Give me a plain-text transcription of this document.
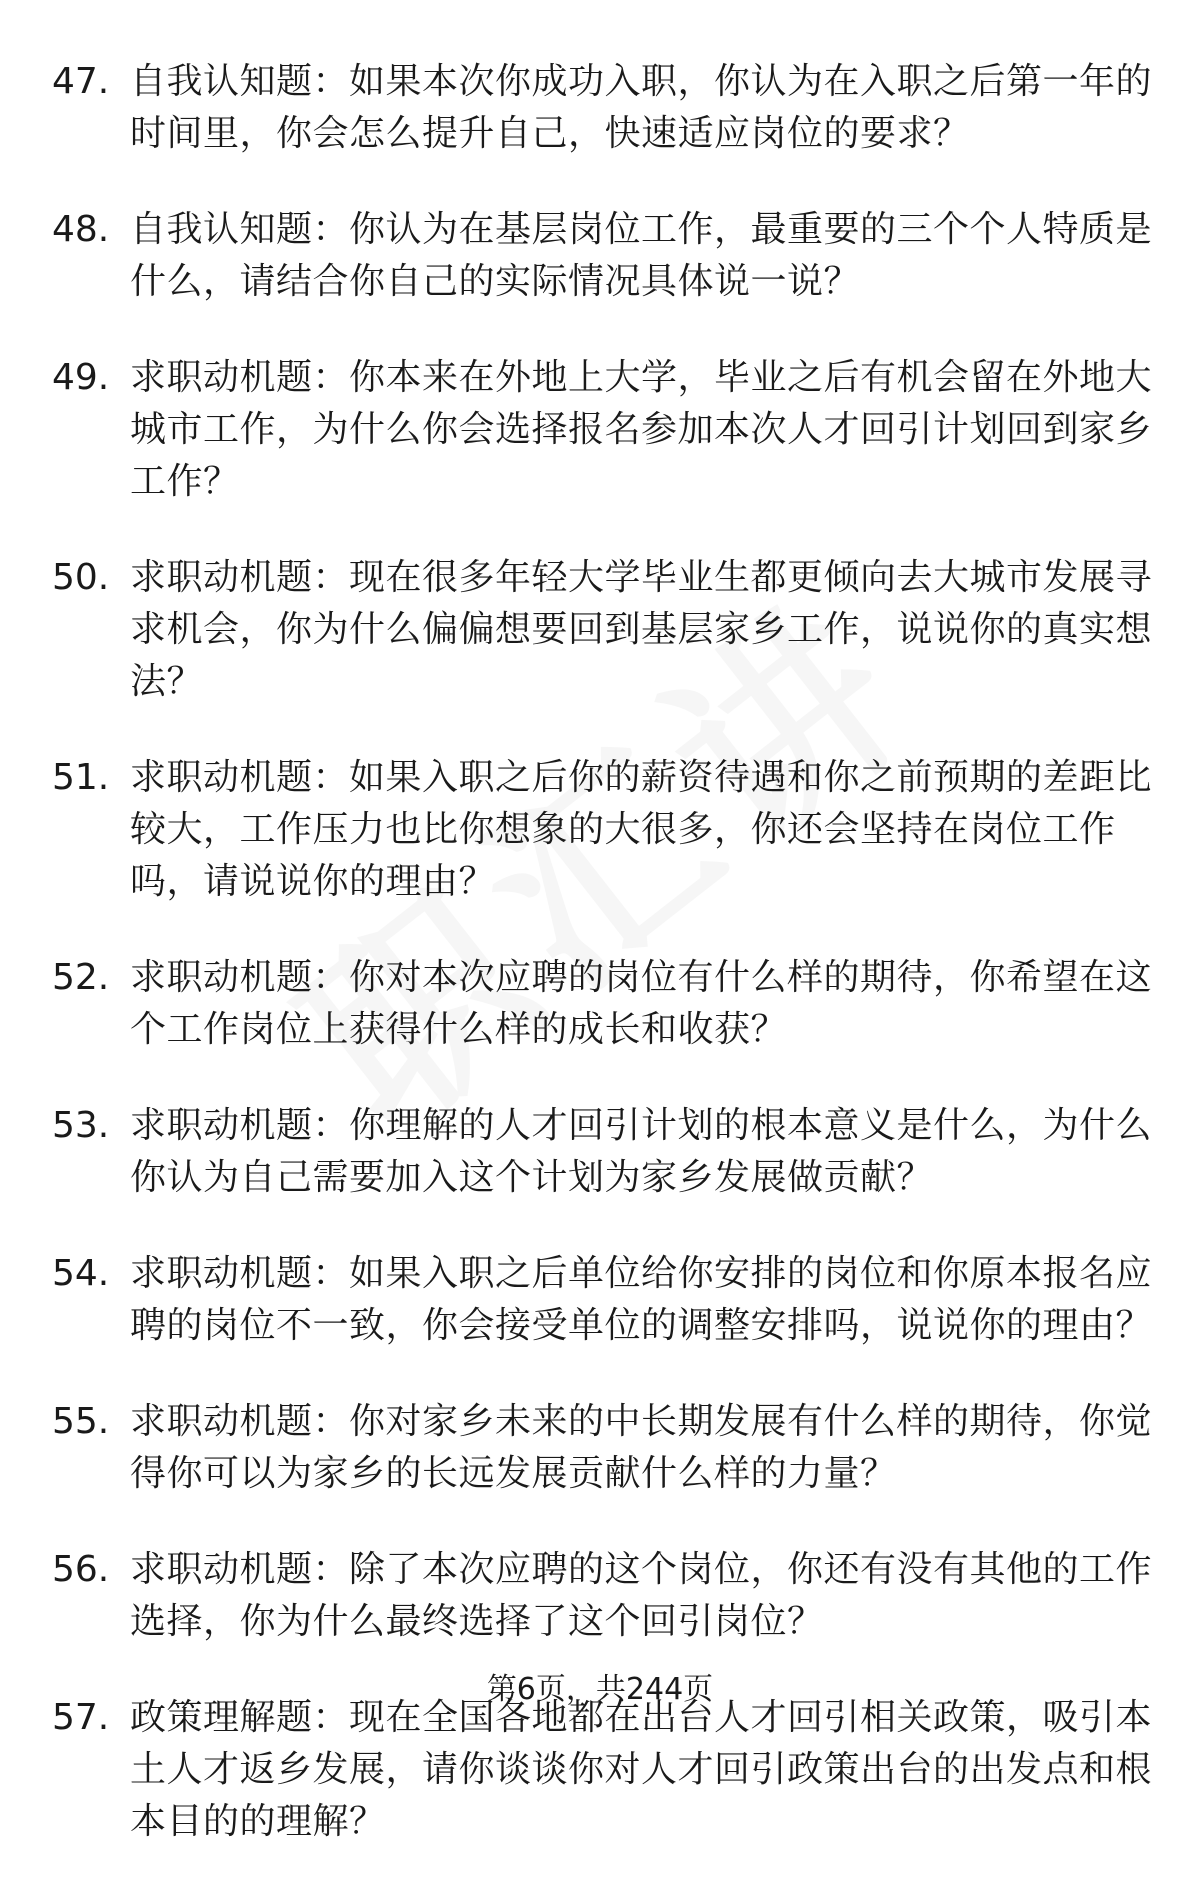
47. 自我认知题：如果本次你成功入职，你认为在入职之后第一年的时间里，你会怎么提升自己，快速适应岗位的要求？
48. 自我认知题：你认为在基层岗位工作，最重要的三个个人特质是什么，请结合你自己的实际情况具体说一说？
49. 求职动机题：你本来在外地上大学，毕业之后有机会留在外地大城市工作，为什么你会选择报名参加本次人才回引计划回到家乡工作？
50. 求职动机题：现在很多年轻大学毕业生都更倾向去大城市发展寻求机会，你为什么偏偏想要回到基层家乡工作，说说你的真实想法？
51. 求职动机题：如果入职之后你的薪资待遇和你之前预期的差距比较大，工作压力也比你想象的大很多，你还会坚持在岗位工作吗，请说说你的理由？
52. 求职动机题：你对本次应聘的岗位有什么样的期待，你希望在这个工作岗位上获得什么样的成长和收获？
53. 求职动机题：你理解的人才回引计划的根本意义是什么，为什么你认为自己需要加入这个计划为家乡发展做贡献？
54. 求职动机题：如果入职之后单位给你安排的岗位和你原本报名应聘的岗位不一致，你会接受单位的调整安排吗，说说你的理由？
55. 求职动机题：你对家乡未来的中长期发展有什么样的期待，你觉得你可以为家乡的长远发展贡献什么样的力量？
56. 求职动机题：除了本次应聘的这个岗位，你还有没有其他的工作选择，你为什么最终选择了这个回引岗位？
57. 政策理解题：现在全国各地都在出台人才回引相关政策，吸引本土人才返乡发展，请你谈谈你对人才回引政策出台的出发点和根本目的的理解？
第6页，共244页
